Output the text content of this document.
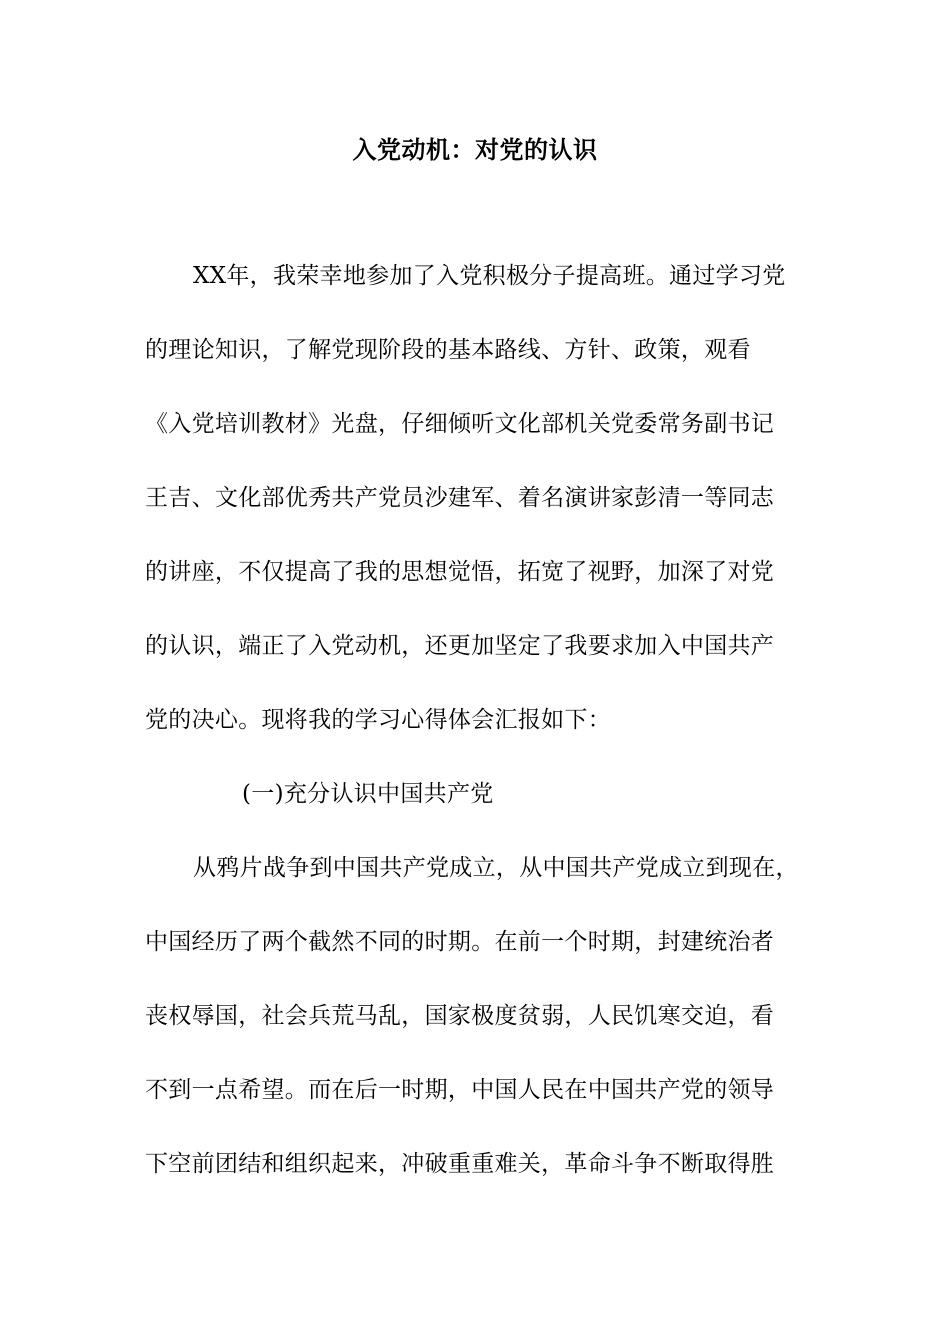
入党动机：对党的认识
XX年，我荣幸地参加了入党积极分子提高班。通过学习党
的理论知识，了解党现阶段的基本路线、方针、政策，观看
《入党培训教材》光盘，仔细倾听文化部机关党委常务副书记
王吉、文化部优秀共产党员沙建军、着名演讲家彭清一等同志
的讲座，不仅提高了我的思想觉悟，拓宽了视野，加深了对党
的认识，端正了入党动机，还更加坚定了我要求加入中国共产
党的决心。现将我的学习心得体会汇报如下：
(一)充分认识中国共产党
从鸦片战争到中国共产党成立，从中国共产党成立到现在，
中国经历了两个截然不同的时期。在前一个时期，封建统治者
丧权辱国，社会兵荒马乱，国家极度贫弱，人民饥寒交迫，看
不到一点希望。而在后一时期，中国人民在中国共产党的领导
下空前团结和组织起来，冲破重重难关，革命斗争不断取得胜
